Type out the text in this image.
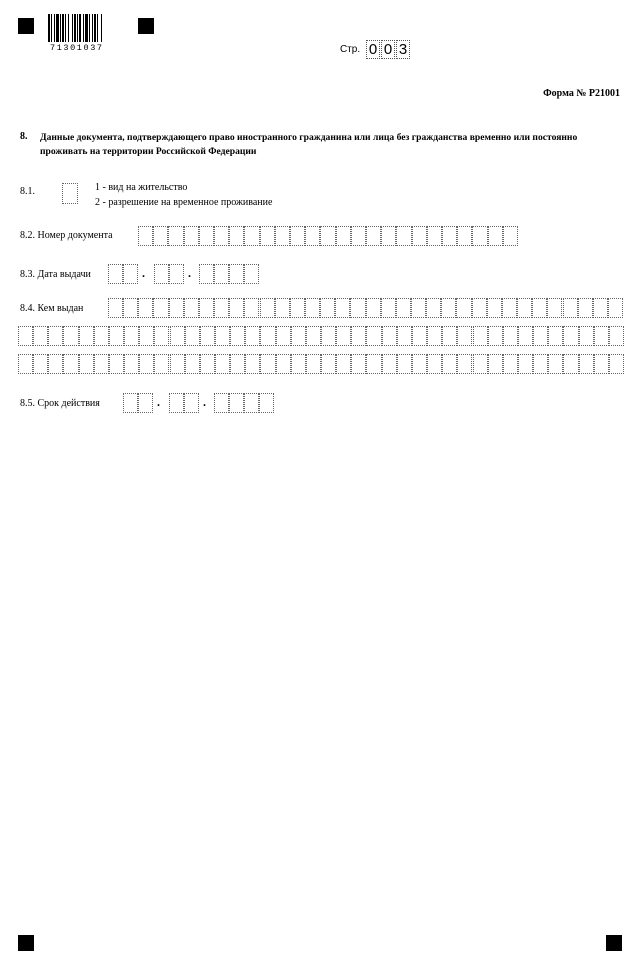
71301037	Стр. 0 0 3
Форма № Р21001
8. Данные документа, подтверждающего право иностранного гражданина или лица без гражданства временно или постоянно проживать на территории Российской Федерации
8.1.	1 - вид на жительство
2 - разрешение на временное проживание
8.2. Номер документа
8.3. Дата выдачи	.	.
8.4. Кем выдан
8.5. Срок действия	.	.
